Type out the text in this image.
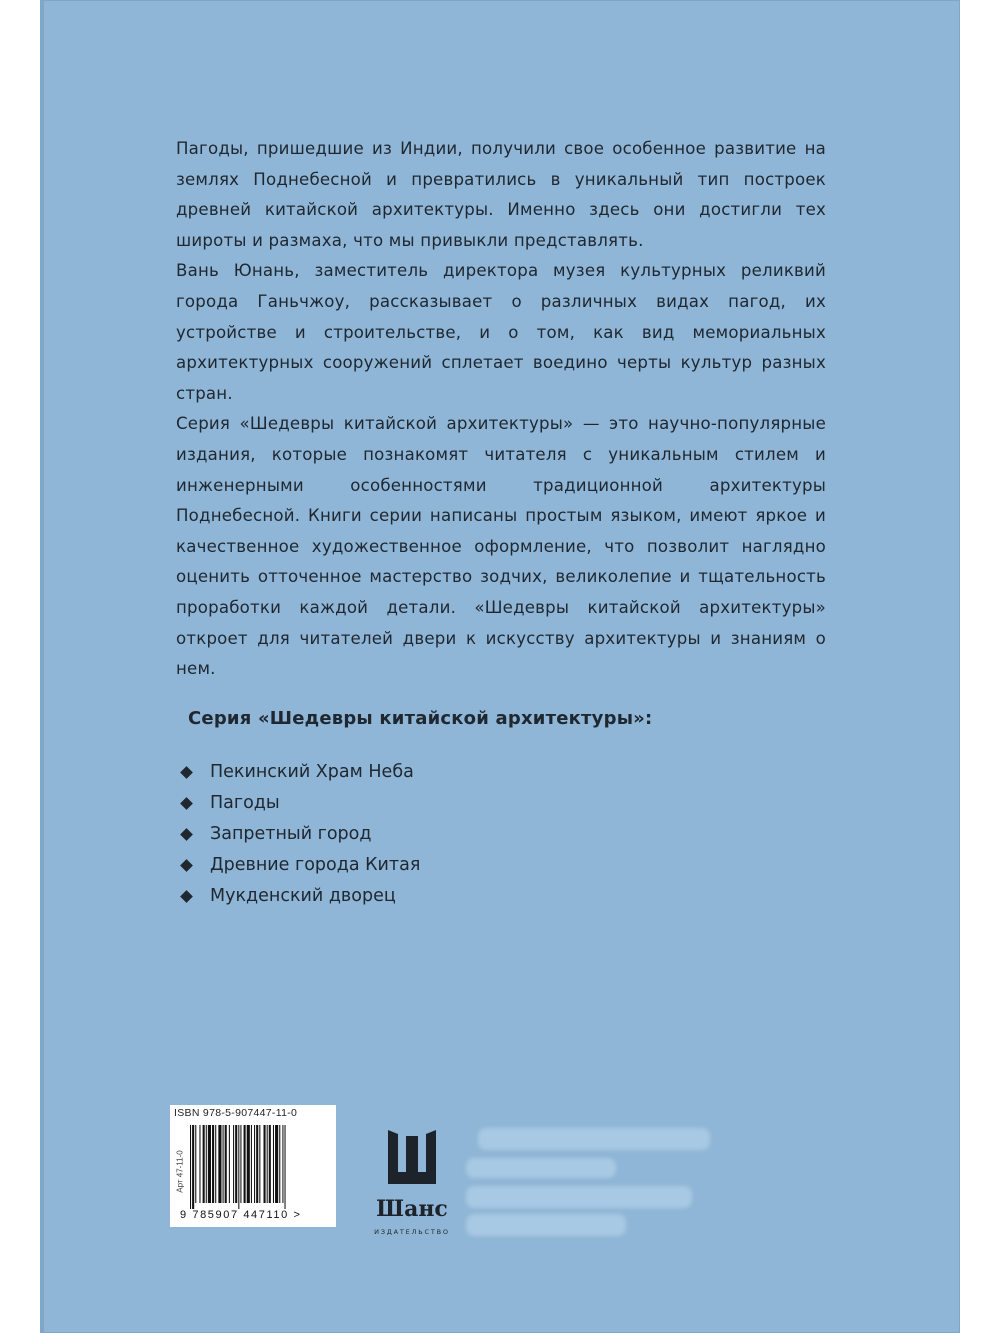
Пагоды, пришедшие из Индии, получили свое особенное развитие на землях Поднебесной и превратились в уникальный тип построек древней китайской архитектуры. Именно здесь они достигли тех широты и размаха, что мы привыкли представлять.

Вань Юнань, заместитель директора музея культурных реликвий города Ганьчжоу, рассказывает о различных видах пагод, их устройстве и строительстве, и о том, как вид мемориальных архитектурных сооружений сплетает воедино черты культур разных стран.

Серия «Шедевры китайской архитектуры» — это научно-популярные издания, которые познакомят читателя с уникальным стилем и инженерными особенностями традиционной архитектуры Поднебесной. Книги серии написаны простым языком, имеют яркое и качественное художественное оформление, что позволит наглядно оценить отточенное мастерство зодчих, великолепие и тщательность проработки каждой детали. «Шедевры китайской архитектуры» откроет для читателей двери к искусству архитектуры и знаниям о нем.

Серия «Шедевры китайской архитектуры»:
Пекинский Храм Неба
Пагоды
Запретный город
Древние города Китая
Мукденский дворец
ISBN 978-5-907447-11-0
Арт 47-11-0
9 785907 447110 >	Шанс
ИЗДАТЕЛЬСТВО
